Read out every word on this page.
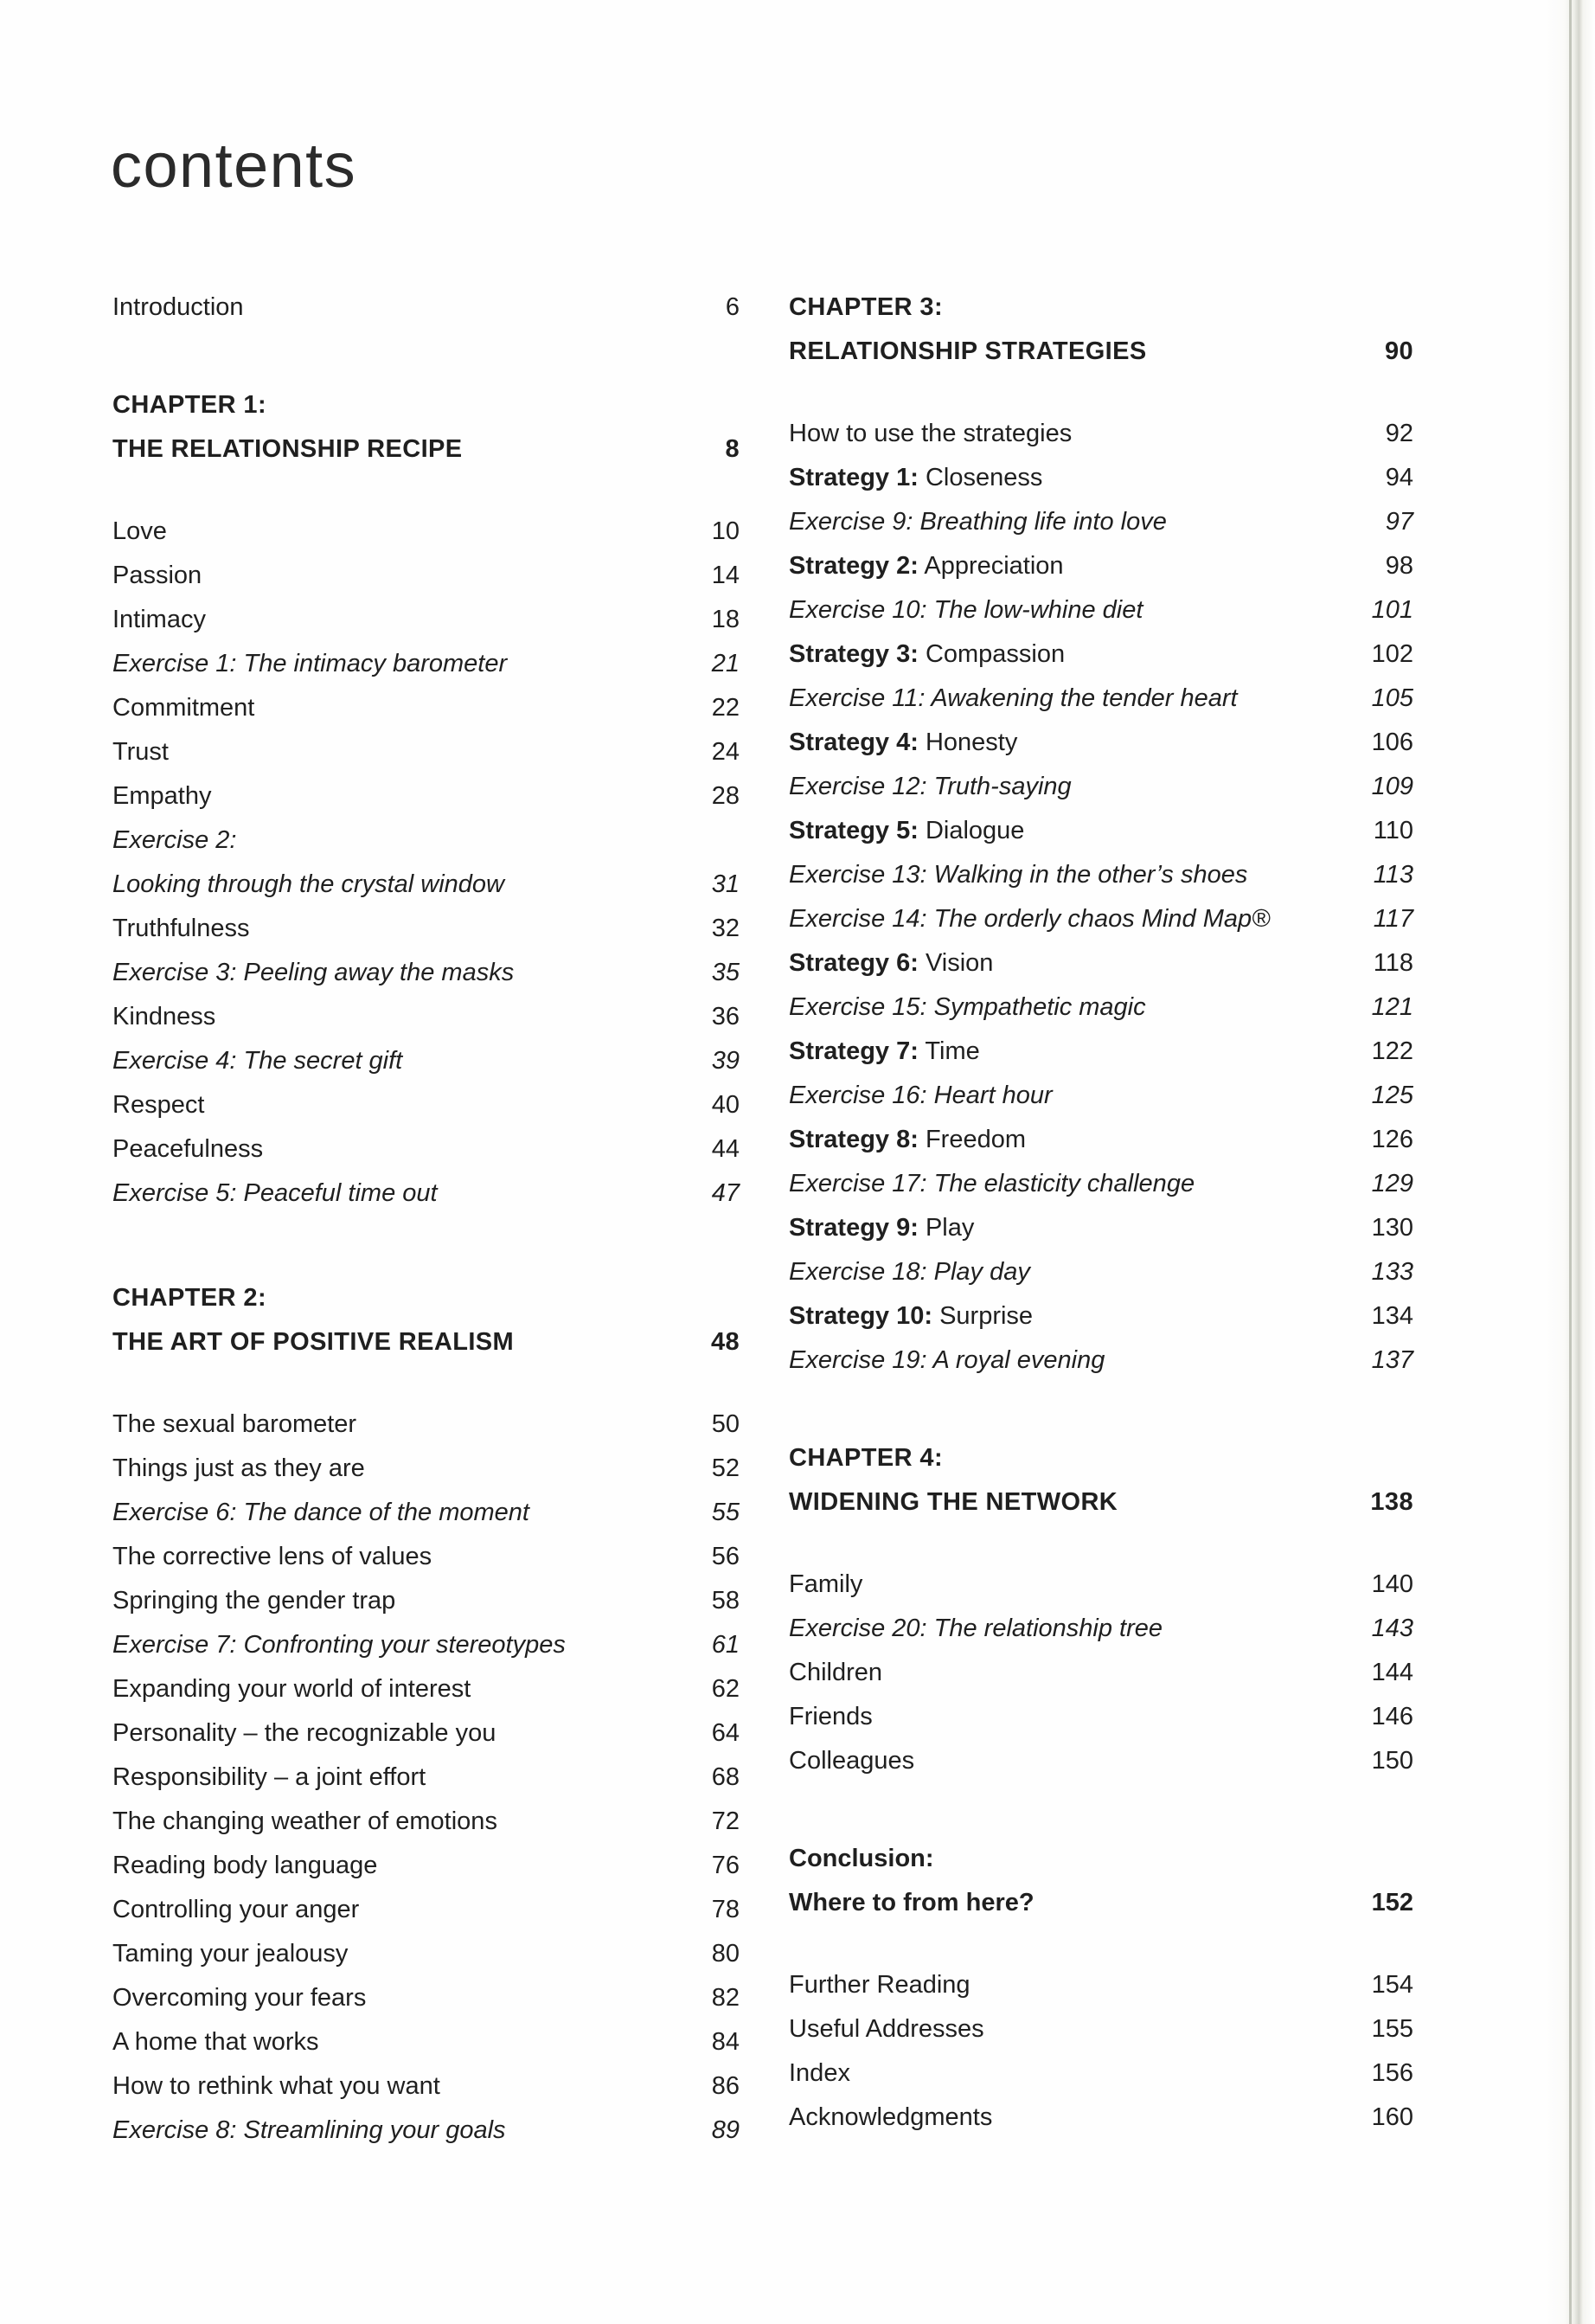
contents
Introduction	6
CHAPTER 1:
THE RELATIONSHIP RECIPE	8
Love	10
Passion	14
Intimacy	18
Exercise 1: The intimacy barometer	21
Commitment	22
Trust	24
Empathy	28
Exercise 2:
Looking through the crystal window	31
Truthfulness	32
Exercise 3: Peeling away the masks	35
Kindness	36
Exercise 4: The secret gift	39
Respect	40
Peacefulness	44
Exercise 5: Peaceful time out	47
CHAPTER 2:
THE ART OF POSITIVE REALISM	48
The sexual barometer	50
Things just as they are	52
Exercise 6: The dance of the moment	55
The corrective lens of values	56
Springing the gender trap	58
Exercise 7: Confronting your stereotypes	61
Expanding your world of interest	62
Personality – the recognizable you	64
Responsibility – a joint effort	68
The changing weather of emotions	72
Reading body language	76
Controlling your anger	78
Taming your jealousy	80
Overcoming your fears	82
A home that works	84
How to rethink what you want	86
Exercise 8: Streamlining your goals	89
CHAPTER 3:
RELATIONSHIP STRATEGIES	90
How to use the strategies	92
Strategy 1: Closeness	94
Exercise 9: Breathing life into love	97
Strategy 2: Appreciation	98
Exercise 10: The low-whine diet	101
Strategy 3: Compassion	102
Exercise 11: Awakening the tender heart	105
Strategy 4: Honesty	106
Exercise 12: Truth-saying	109
Strategy 5: Dialogue	110
Exercise 13: Walking in the other’s shoes	113
Exercise 14: The orderly chaos Mind Map®	117
Strategy 6: Vision	118
Exercise 15: Sympathetic magic	121
Strategy 7: Time	122
Exercise 16: Heart hour	125
Strategy 8: Freedom	126
Exercise 17: The elasticity challenge	129
Strategy 9: Play	130
Exercise 18: Play day	133
Strategy 10: Surprise	134
Exercise 19: A royal evening	137
CHAPTER 4:
WIDENING THE NETWORK	138
Family	140
Exercise 20: The relationship tree	143
Children	144
Friends	146
Colleagues	150
Conclusion:
Where to from here?	152
Further Reading	154
Useful Addresses	155
Index	156
Acknowledgments	160
